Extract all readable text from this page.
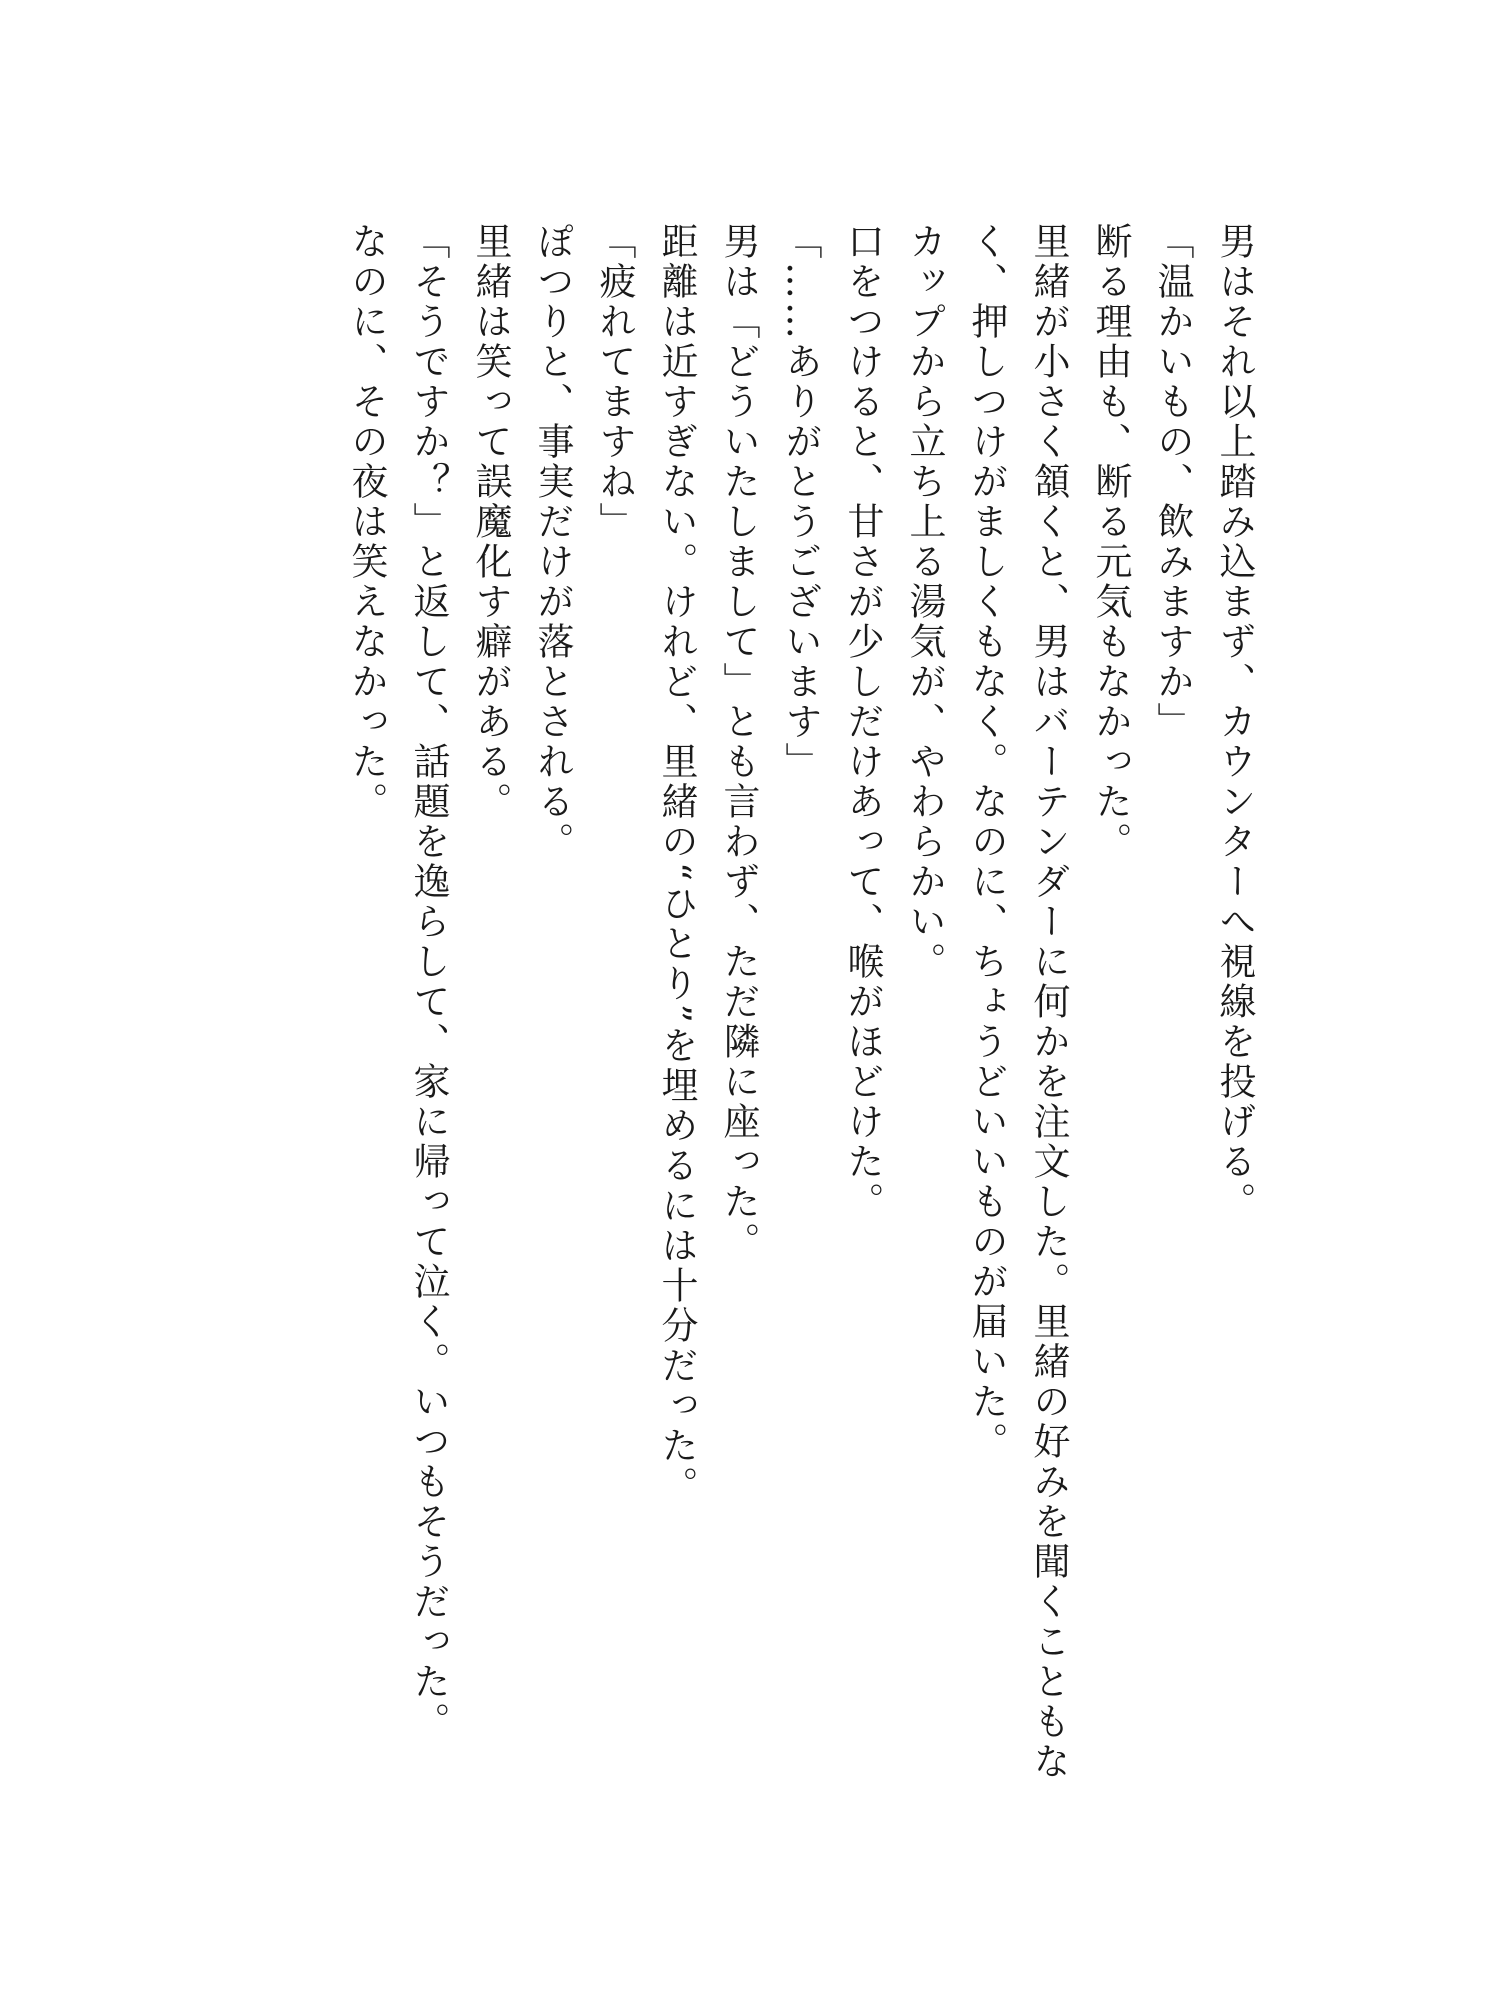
男はそれ以上踏み込まず、カウンターへ視線を投げる。

「温かいもの、飲みますか」

断る理由も、断る元気もなかった。

里緒が小さく頷くと、男はバーテンダーに何かを注文した。里緒の好みを聞くこともなく、押しつけがましくもなく。なのに、ちょうどいいものが届いた。

カップから立ち上る湯気が、やわらかい。

口をつけると、甘さが少しだけあって、喉がほどけた。

「……ありがとうございます」

男は「どういたしまして」とも言わず、ただ隣に座った。

距離は近すぎない。けれど、里緒の“ひとり”を埋めるには十分だった。

「疲れてますね」

ぽつりと、事実だけが落とされる。

里緒は笑って誤魔化す癖がある。

「そうですか？」と返して、話題を逸らして、家に帰って泣く。いつもそうだった。

なのに、その夜は笑えなかった。
